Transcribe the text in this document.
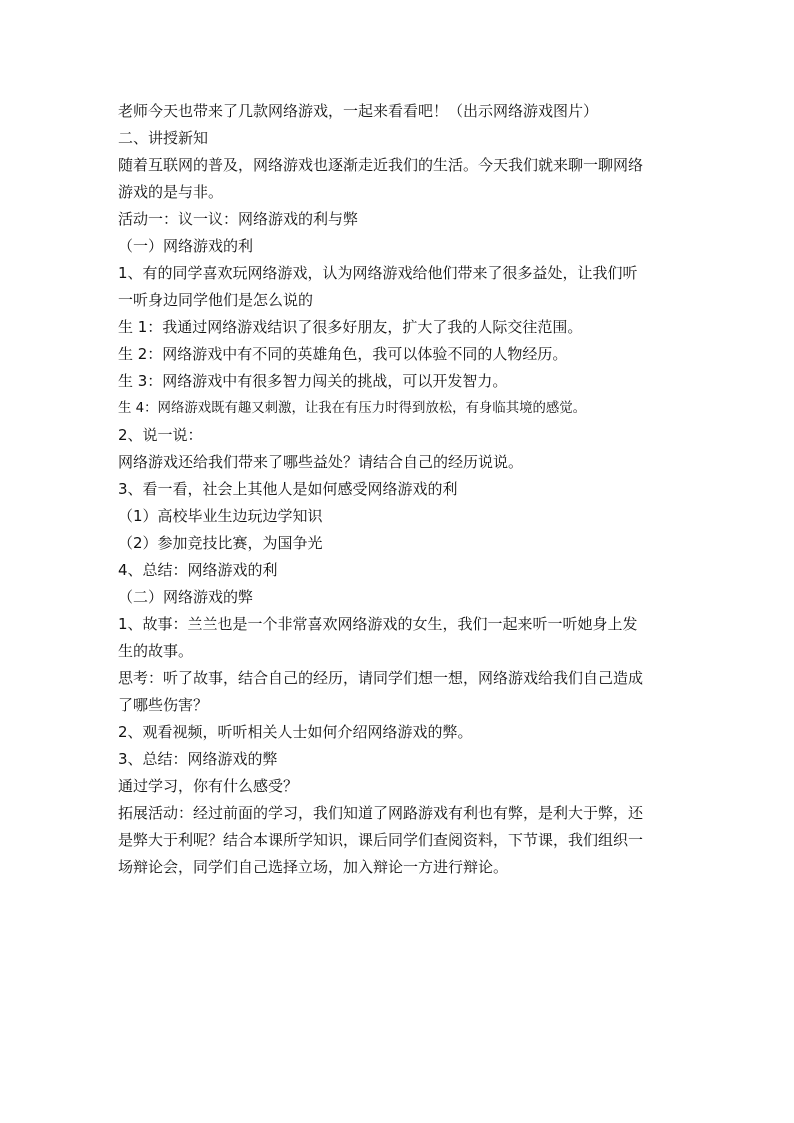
老师今天也带来了几款网络游戏，一起来看看吧！（出示网络游戏图片）
二、讲授新知
随着互联网的普及，网络游戏也逐渐走近我们的生活。今天我们就来聊一聊网络
游戏的是与非。
活动一：议一议：网络游戏的利与弊
（一）网络游戏的利
1、有的同学喜欢玩网络游戏，认为网络游戏给他们带来了很多益处，让我们听
一听身边同学他们是怎么说的
生 1：我通过网络游戏结识了很多好朋友，扩大了我的人际交往范围。
生 2：网络游戏中有不同的英雄角色，我可以体验不同的人物经历。
生 3：网络游戏中有很多智力闯关的挑战，可以开发智力。
生 4：网络游戏既有趣又刺激，让我在有压力时得到放松，有身临其境的感觉。
2、说一说：
网络游戏还给我们带来了哪些益处？请结合自己的经历说说。
3、看一看，社会上其他人是如何感受网络游戏的利
（1）高校毕业生边玩边学知识
（2）参加竞技比赛，为国争光
4、总结：网络游戏的利
（二）网络游戏的弊
1、故事：兰兰也是一个非常喜欢网络游戏的女生，我们一起来听一听她身上发
生的故事。
思考：听了故事，结合自己的经历，请同学们想一想，网络游戏给我们自己造成
了哪些伤害？
2、观看视频，听听相关人士如何介绍网络游戏的弊。
3、总结：网络游戏的弊
通过学习，你有什么感受？
拓展活动：经过前面的学习，我们知道了网路游戏有利也有弊，是利大于弊，还
是弊大于利呢？结合本课所学知识，课后同学们查阅资料，下节课，我们组织一
场辩论会，同学们自己选择立场，加入辩论一方进行辩论。
